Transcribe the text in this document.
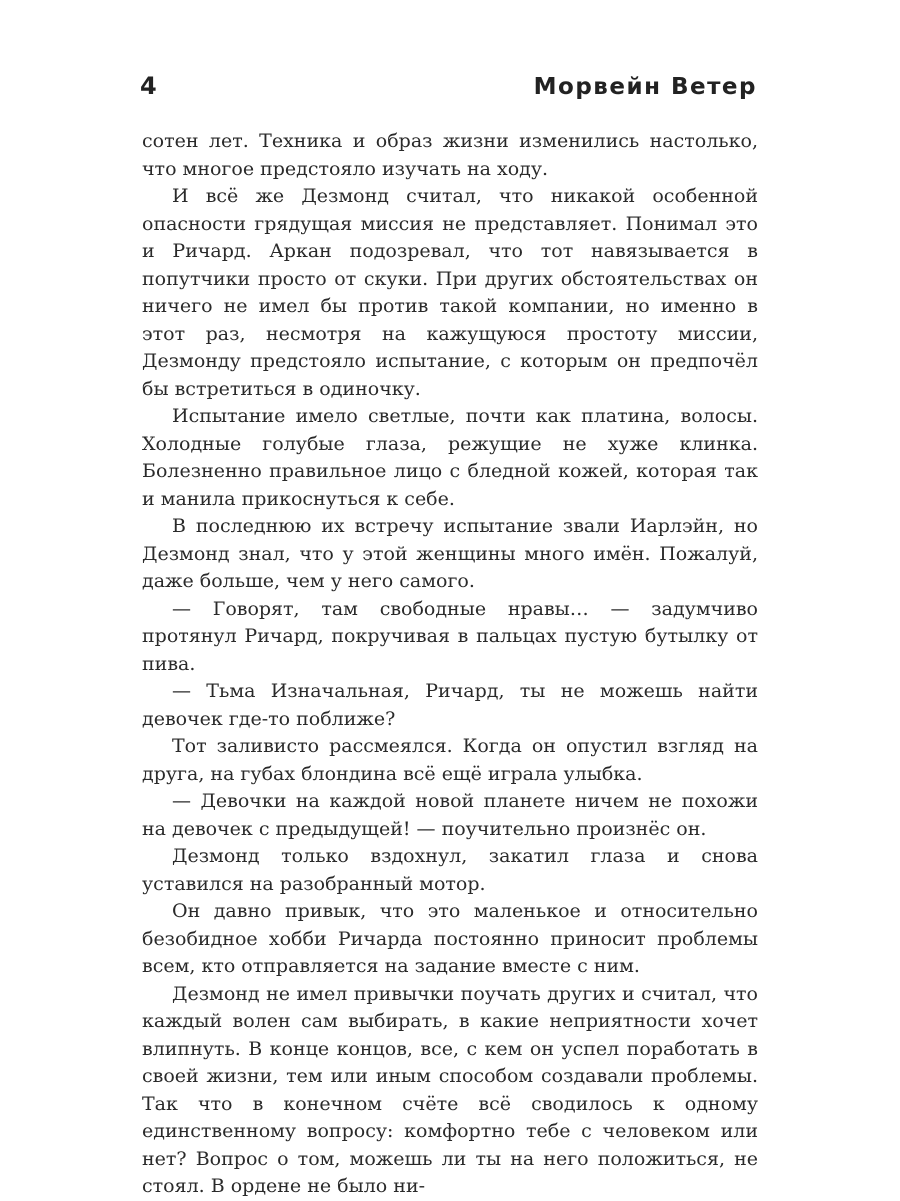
4	Морвейн Ветер

сотен лет. Техника и образ жизни изменились настолько, что многое предстояло изучать на ходу.

И всё же Дезмонд считал, что никакой особенной опасности грядущая миссия не представляет. Понимал это и Ричард. Аркан подозревал, что тот навязывается в попутчики просто от скуки. При других обстоятельствах он ничего не имел бы против такой компании, но именно в этот раз, несмотря на кажущуюся простоту миссии, Дезмонду предстояло испытание, с которым он предпочёл бы встретиться в одиночку.

Испытание имело светлые, почти как платина, волосы. Холодные голубые глаза, режущие не хуже клинка. Болезненно правильное лицо с бледной кожей, которая так и манила прикоснуться к себе.

В последнюю их встречу испытание звали Иарлэйн, но Дезмонд знал, что у этой женщины много имён. Пожалуй, даже больше, чем у него самого.

— Говорят, там свободные нравы… — задумчиво протянул Ричард, покручивая в пальцах пустую бутылку от пива.

— Тьма Изначальная, Ричард, ты не можешь найти девочек где-то поближе?

Тот заливисто рассмеялся. Когда он опустил взгляд на друга, на губах блондина всё ещё играла улыбка.

— Девочки на каждой новой планете ничем не похожи на девочек с предыдущей! — поучительно произнёс он.

Дезмонд только вздохнул, закатил глаза и снова уставился на разобранный мотор.

Он давно привык, что это маленькое и относительно безобидное хобби Ричарда постоянно приносит проблемы всем, кто отправляется на задание вместе с ним.

Дезмонд не имел привычки поучать других и считал, что каждый волен сам выбирать, в какие неприятности хочет влипнуть. В конце концов, все, с кем он успел поработать в своей жизни, тем или иным способом создавали проблемы. Так что в конечном счёте всё сводилось к одному единственному вопросу: комфортно тебе с человеком или нет? Вопрос о том, можешь ли ты на него положиться, не стоял. В ордене не было ни-
